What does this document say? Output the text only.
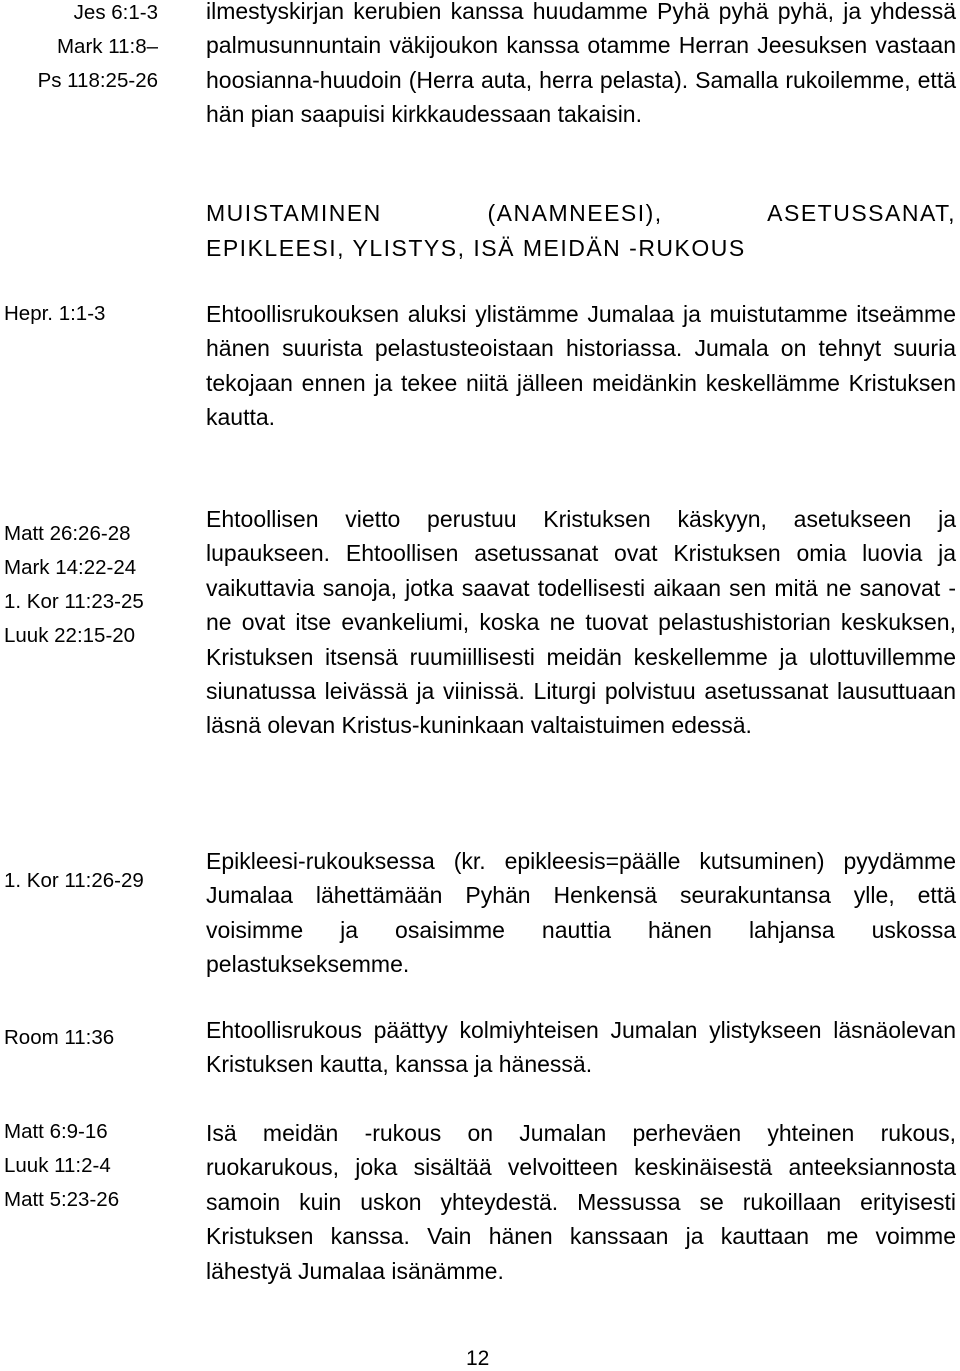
Jes 6:1-3
Mark 11:8–
Ps 118:25-26

ilmestyskirjan kerubien kanssa huudamme Pyhä pyhä pyhä, ja yhdessä palmusunnuntain väkijoukon kanssa otamme Herran Jeesuksen vastaan hoosianna-huudoin (Herra auta, herra pelasta). Samalla rukoilemme, että hän pian saapuisi kirkkaudessaan takaisin.

MUISTAMINEN (ANAMNEESI), ASETUSSANAT,
EPIKLEESI, YLISTYS, ISÄ MEIDÄN -RUKOUS
Hepr. 1:1-3	Ehtoollisrukouksen aluksi ylistämme Jumalaa ja muistutamme itseämme hänen suurista pelastusteoistaan historiassa. Jumala on tehnyt suuria tekojaan ennen ja tekee niitä jälleen meidänkin keskellämme Kristuksen kautta.

Matt 26:26-28
Mark 14:22-24
1. Kor 11:23-25
Luuk 22:15-20

Ehtoollisen vietto perustuu Kristuksen käskyyn, asetukseen ja lupaukseen. Ehtoollisen asetussanat ovat Kristuksen omia luovia ja vaikuttavia sanoja, jotka saavat todellisesti aikaan sen mitä ne sanovat - ne ovat itse evankeliumi, koska ne tuovat pelastushistorian keskuksen, Kristuksen itsensä ruumiillisesti meidän keskellemme ja ulottuvillemme siunatussa leivässä ja viinissä. Liturgi polvistuu asetussanat lausuttuaan läsnä olevan Kristus-kuninkaan valtaistuimen edessä.

1. Kor 11:26-29

Epikleesi-rukouksessa (kr. epikleesis=päälle kutsuminen) pyydämme Jumalaa lähettämään Pyhän Henkensä seurakuntansa ylle, että voisimme ja osaisimme nauttia hänen lahjansa uskossa pelastukseksemme.

Room 11:36	Ehtoollisrukous päättyy kolmiyhteisen Jumalan ylistykseen läsnäolevan Kristuksen kautta, kanssa ja hänessä.

Matt 6:9-16
Luuk 11:2-4
Matt 5:23-26

Isä meidän -rukous on Jumalan perheväen yhteinen rukous, ruokarukous, joka sisältää velvoitteen keskinäisestä anteeksiannosta samoin kuin uskon yhteydestä. Messussa se rukoillaan erityisesti Kristuksen kanssa. Vain hänen kanssaan ja kauttaan me voimme lähestyä Jumalaa isänämme.

12
